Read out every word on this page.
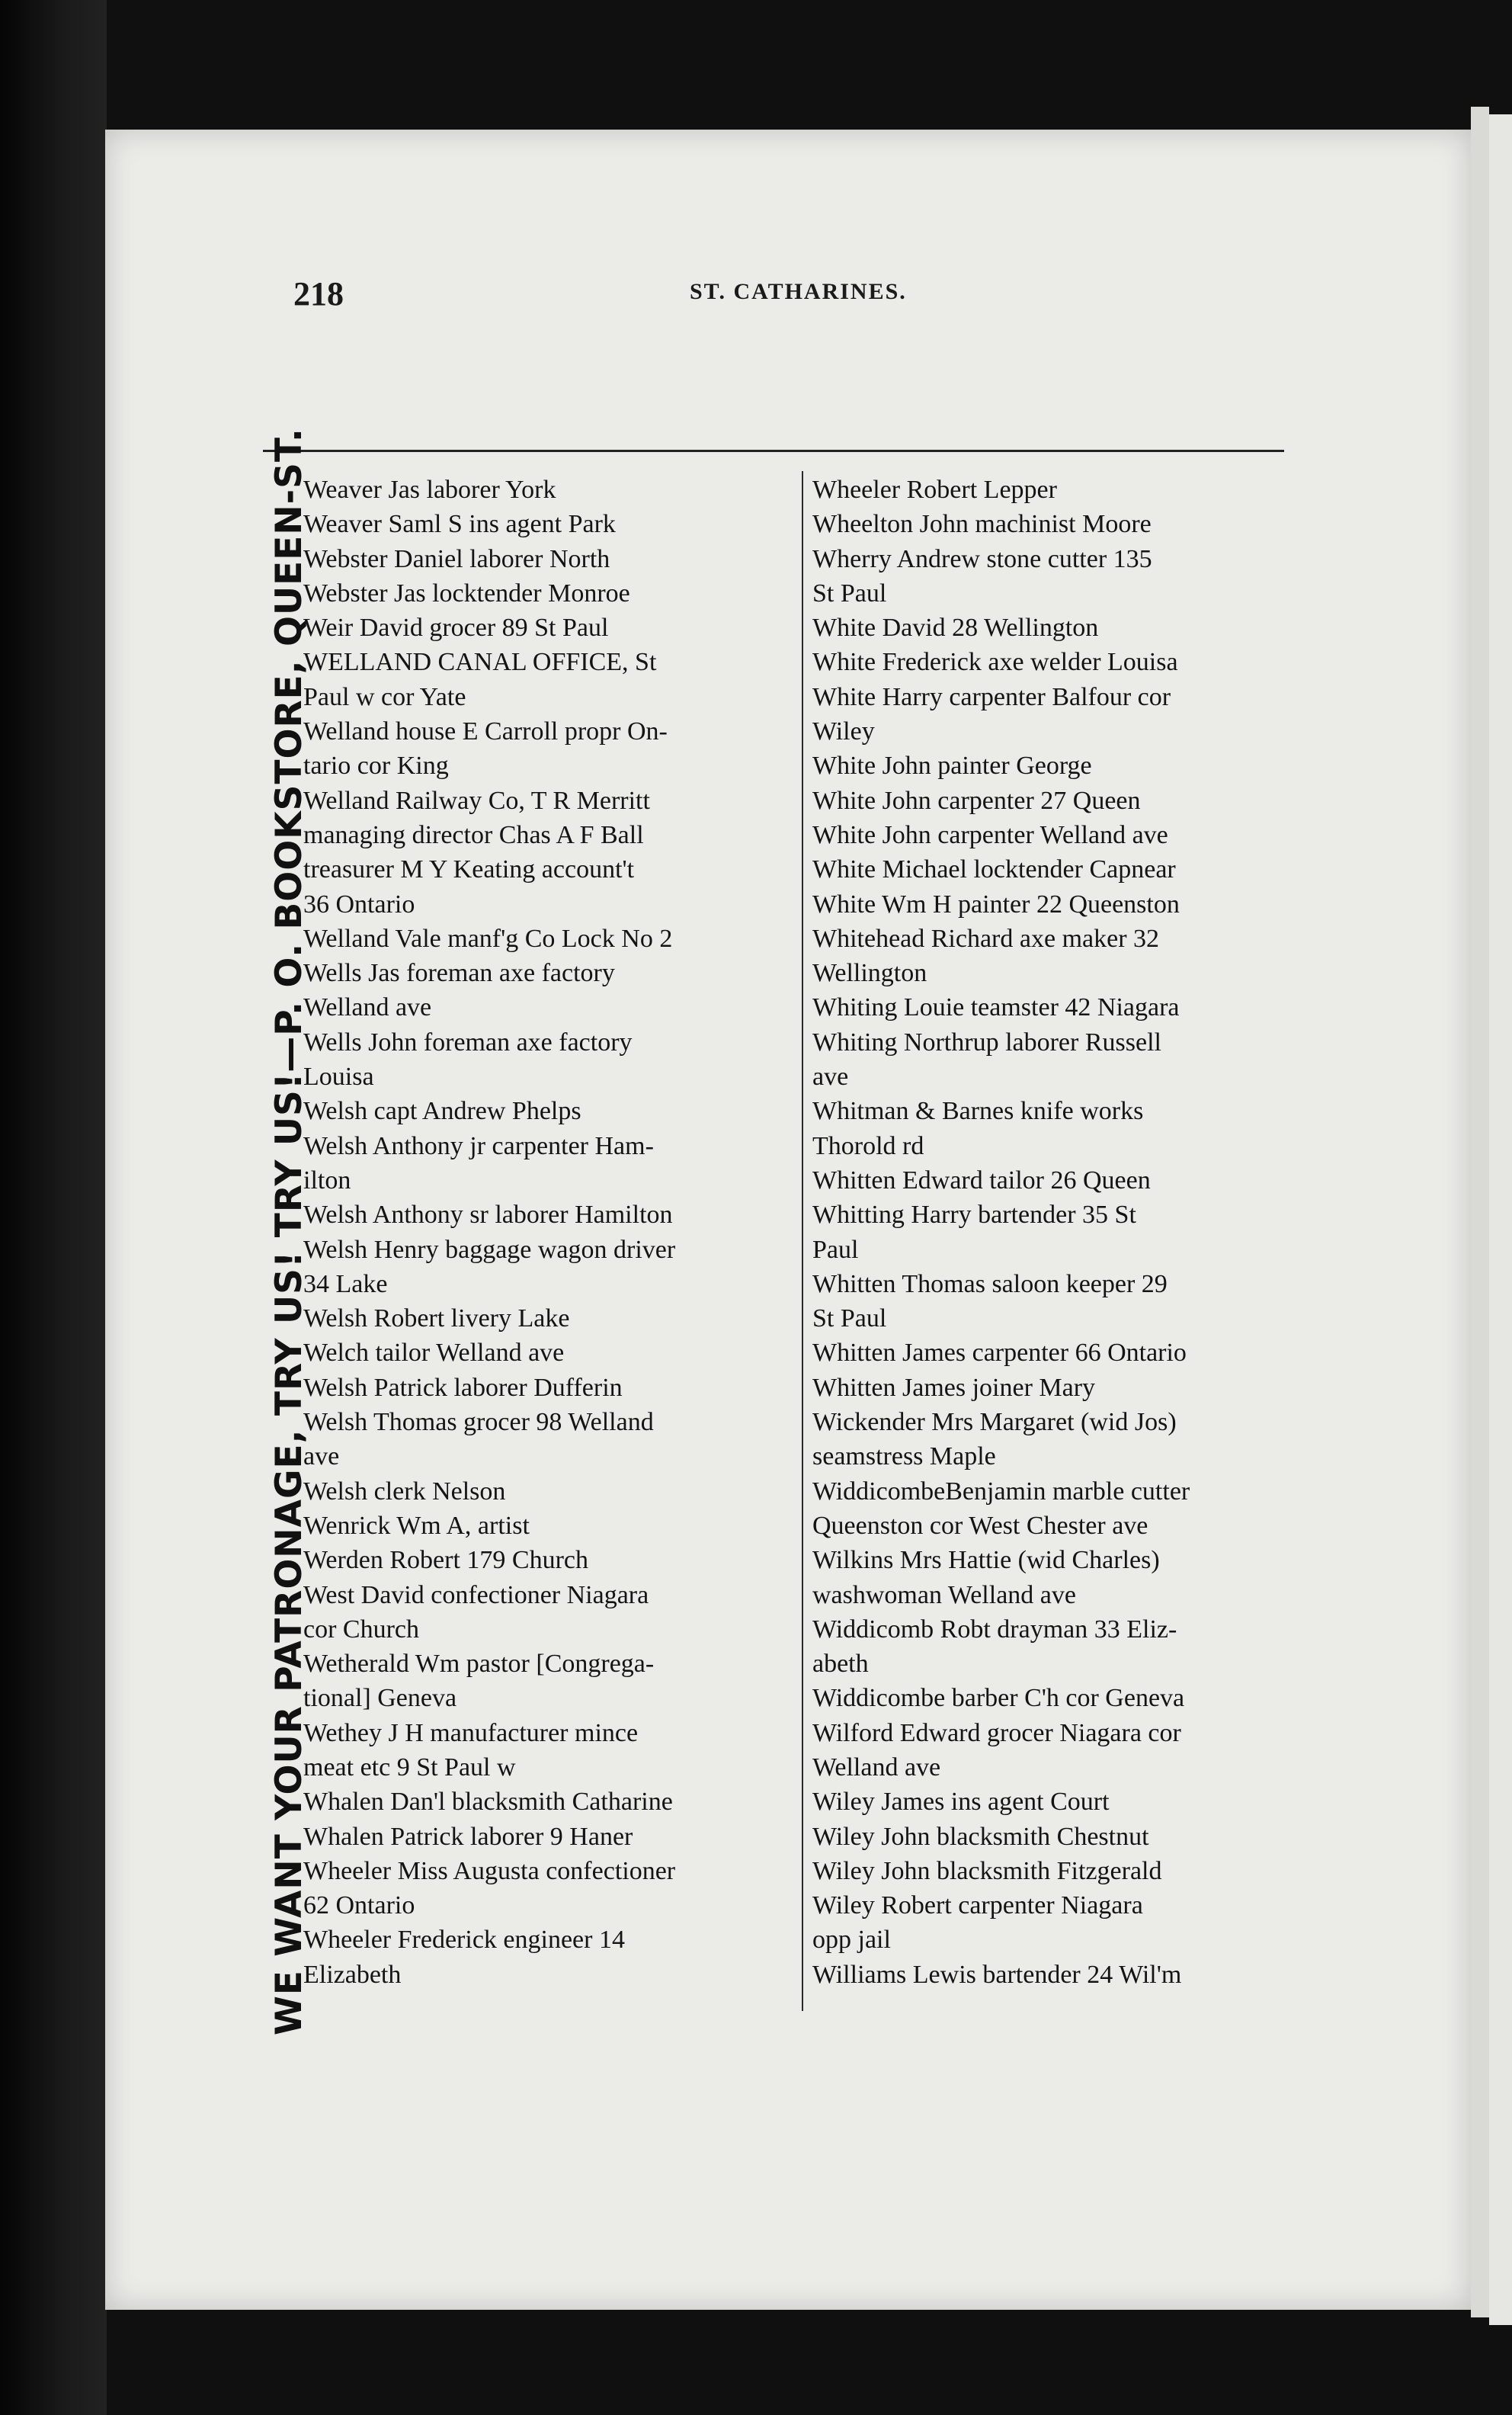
218	ST. CATHARINES.
WE WANT YOUR PATRONAGE, TRY US! TRY US!—P. O. BOOKSTORE, QUEEN-ST.
Weaver Jas laborer York
Weaver Saml S ins agent Park
Webster Daniel laborer North
Webster Jas locktender Monroe
Weir David grocer 89 St Paul
WELLAND CANAL OFFICE, St
Paul w cor Yate
Welland house E Carroll propr On-
tario cor King
Welland Railway Co, T R Merritt
managing director Chas A F Ball
treasurer M Y Keating account't
36 Ontario
Welland Vale manf'g Co Lock No 2
Wells Jas foreman axe factory
Welland ave
Wells John foreman axe factory
Louisa
Welsh capt Andrew Phelps
Welsh Anthony jr carpenter Ham-
ilton
Welsh Anthony sr laborer Hamilton
Welsh Henry baggage wagon driver
34 Lake
Welsh Robert livery Lake
Welch tailor Welland ave
Welsh Patrick laborer Dufferin
Welsh Thomas grocer 98 Welland
ave
Welsh clerk Nelson
Wenrick Wm A, artist
Werden Robert 179 Church
West David confectioner Niagara
cor Church
Wetherald Wm pastor [Congrega-
tional] Geneva
Wethey J H manufacturer mince
meat etc 9 St Paul w
Whalen Dan'l blacksmith Catharine
Whalen Patrick laborer 9 Haner
Wheeler Miss Augusta confectioner
62 Ontario
Wheeler Frederick engineer 14
Elizabeth
Wheeler Robert Lepper
Wheelton John machinist Moore
Wherry Andrew stone cutter 135
St Paul
White David 28 Wellington
White Frederick axe welder Louisa
White Harry carpenter Balfour cor
Wiley
White John painter George
White John carpenter 27 Queen
White John carpenter Welland ave
White Michael locktender Capnear
White Wm H painter 22 Queenston
Whitehead Richard axe maker 32
Wellington
Whiting Louie teamster 42 Niagara
Whiting Northrup laborer Russell
ave
Whitman & Barnes knife works
Thorold rd
Whitten Edward tailor 26 Queen
Whitting Harry bartender 35 St
Paul
Whitten Thomas saloon keeper 29
St Paul
Whitten James carpenter 66 Ontario
Whitten James joiner Mary
Wickender Mrs Margaret (wid Jos)
seamstress Maple
WiddicombeBenjamin marble cutter
Queenston cor West Chester ave
Wilkins Mrs Hattie (wid Charles)
washwoman Welland ave
Widdicomb Robt drayman 33 Eliz-
abeth
Widdicombe barber C'h cor Geneva
Wilford Edward grocer Niagara cor
Welland ave
Wiley James ins agent Court
Wiley John blacksmith Chestnut
Wiley John blacksmith Fitzgerald
Wiley Robert carpenter Niagara
opp jail
Williams Lewis bartender 24 Wil'm
